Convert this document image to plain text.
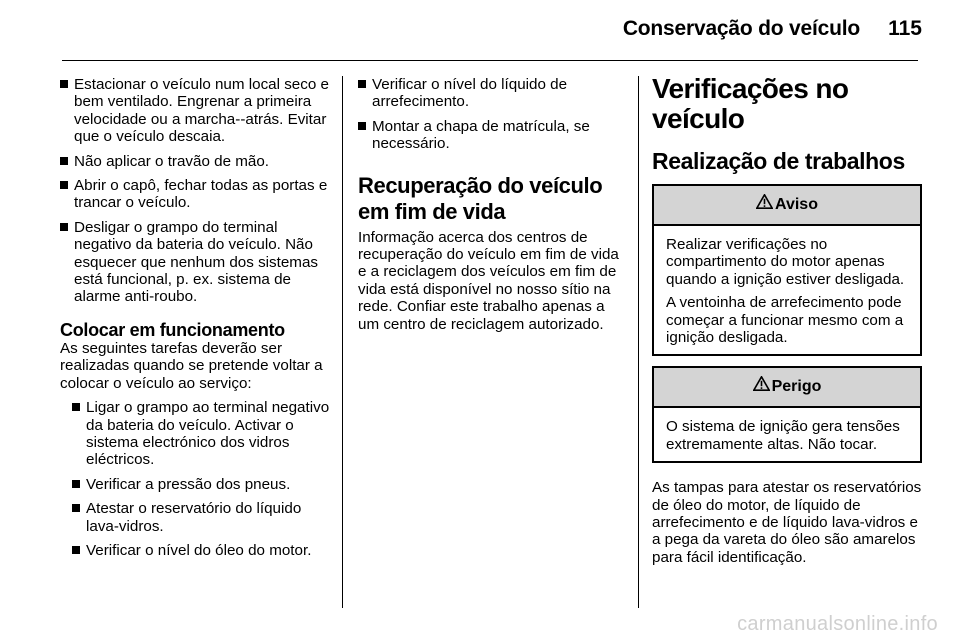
Conservação do veículo 115
Estacionar o veículo num local seco e bem ventilado. Engrenar a primeira velocidade ou a marcha--atrás. Evitar que o veículo descaia.
Não aplicar o travão de mão.
Abrir o capô, fechar todas as portas e trancar o veículo.
Desligar o grampo do terminal negativo da bateria do veículo. Não esquecer que nenhum dos sistemas está funcional, p. ex. sistema de alarme anti-roubo.
Colocar em funcionamento

As seguintes tarefas deverão ser realizadas quando se pretende voltar a colocar o veículo ao serviço:

Ligar o grampo ao terminal negativo da bateria do veículo. Activar o sistema electrónico dos vidros eléctricos.
Verificar a pressão dos pneus.
Atestar o reservatório do líquido lava-vidros.
Verificar o nível do óleo do motor.
Verificar o nível do líquido de arrefecimento.
Montar a chapa de matrícula, se necessário.
Recuperação do veículo em fim de vida

Informação acerca dos centros de recuperação do veículo em fim de vida e a reciclagem dos veículos em fim de vida está disponível no nosso sítio na rede. Confiar este trabalho apenas a um centro de reciclagem autorizado.

Verificações no veículo
Realização de trabalhos
Aviso

Realizar verificações no compartimento do motor apenas quando a ignição estiver desligada.

A ventoinha de arrefecimento pode começar a funcionar mesmo com a ignição desligada.

Perigo

O sistema de ignição gera tensões extremamente altas. Não tocar.

As tampas para atestar os reservatórios de óleo do motor, de líquido de arrefecimento e de líquido lava-vidros e a pega da vareta do óleo são amarelos para fácil identificação.

carmanualsonline.info
